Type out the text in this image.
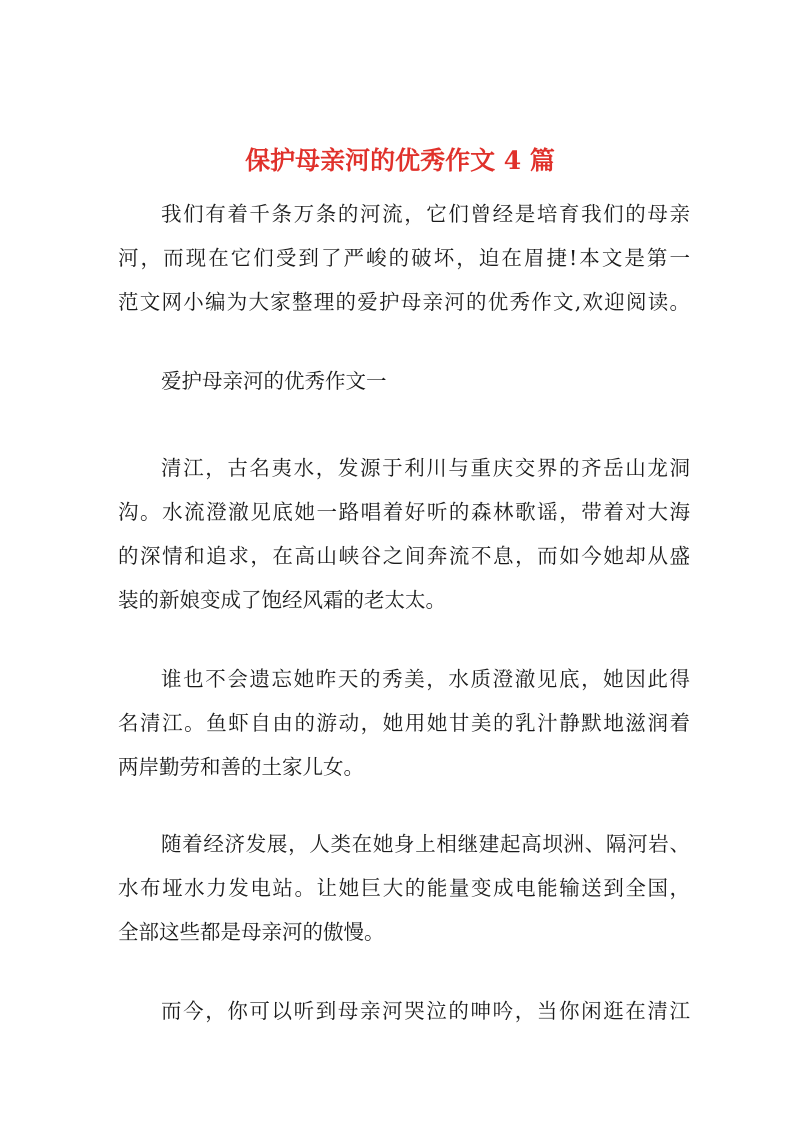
保护母亲河的优秀作文 4 篇

我们有着千条万条的河流，它们曾经是培育我们的母亲
河，而现在它们受到了严峻的破坏，迫在眉捷!本文是第一
范文网小编为大家整理的爱护母亲河的优秀作文,欢迎阅读。

爱护母亲河的优秀作文一

清江，古名夷水，发源于利川与重庆交界的齐岳山龙洞
沟。水流澄澈见底她一路唱着好听的森林歌谣，带着对大海
的深情和追求，在高山峡谷之间奔流不息，而如今她却从盛
装的新娘变成了饱经风霜的老太太。

谁也不会遗忘她昨天的秀美，水质澄澈见底，她因此得
名清江。鱼虾自由的游动，她用她甘美的乳汁静默地滋润着
两岸勤劳和善的土家儿女。

随着经济发展，人类在她身上相继建起高坝洲、隔河岩、
水布垭水力发电站。让她巨大的能量变成电能输送到全国，
全部这些都是母亲河的傲慢。

而今，你可以听到母亲河哭泣的呻吟，当你闲逛在清江
